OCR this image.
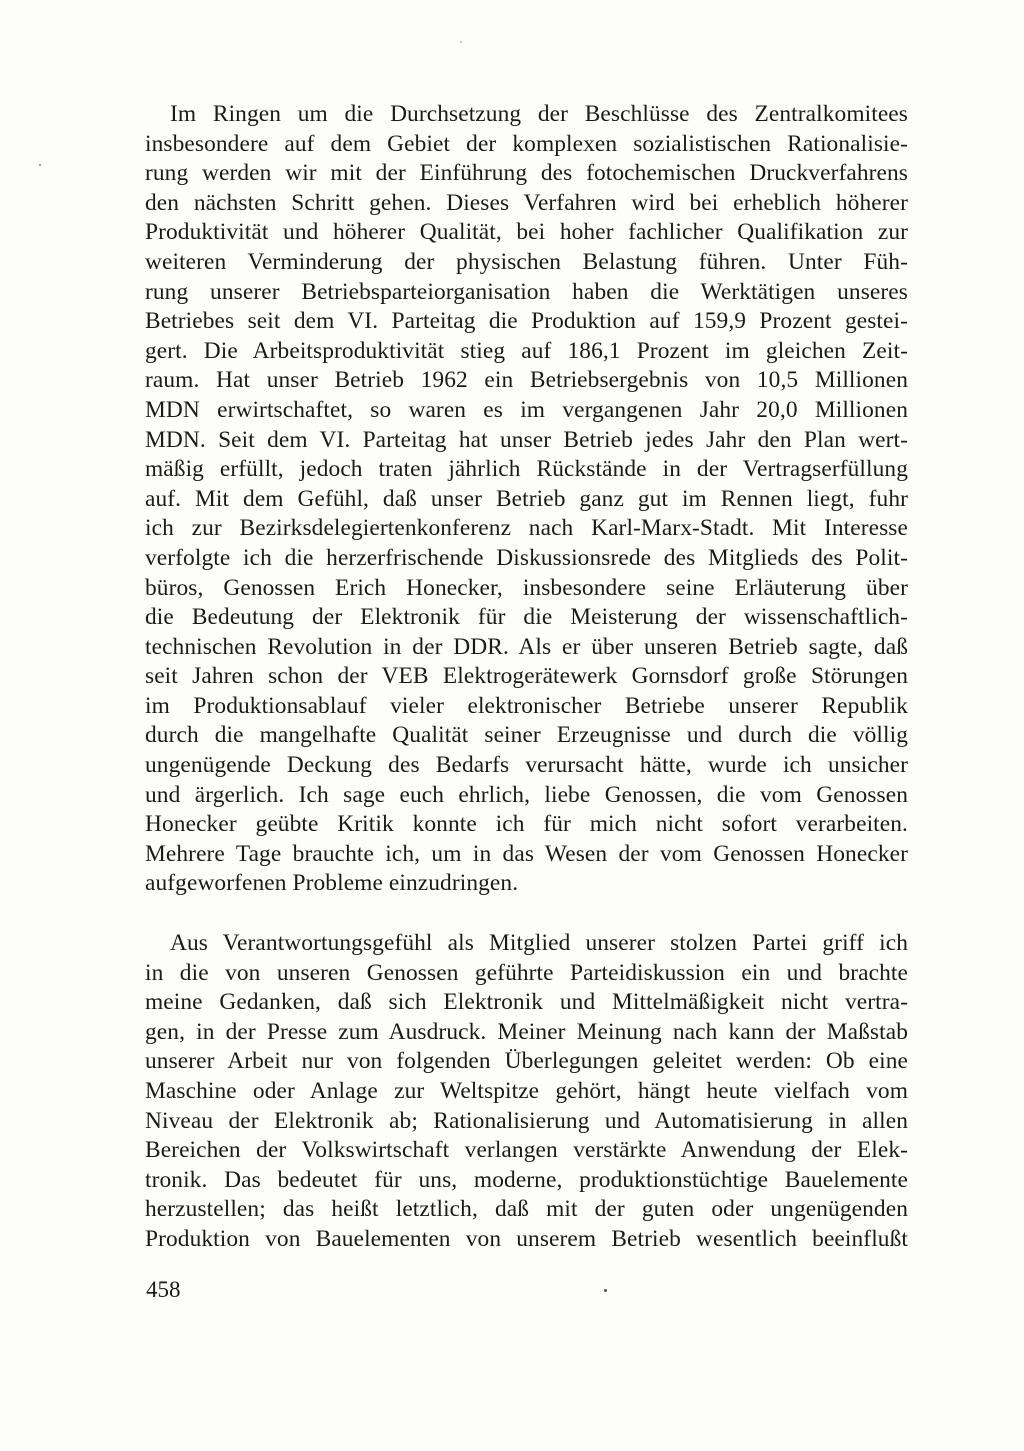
Im Ringen um die Durchsetzung der Beschlüsse des Zentralkomitees
insbesondere auf dem Gebiet der komplexen sozialistischen Rationalisie-
rung werden wir mit der Einführung des fotochemischen Druckverfahrens
den nächsten Schritt gehen. Dieses Verfahren wird bei erheblich höherer
Produktivität und höherer Qualität, bei hoher fachlicher Qualifikation zur
weiteren Verminderung der physischen Belastung führen. Unter Füh-
rung unserer Betriebsparteiorganisation haben die Werktätigen unseres
Betriebes seit dem VI. Parteitag die Produktion auf 159,9 Prozent gestei-
gert. Die Arbeitsproduktivität stieg auf 186,1 Prozent im gleichen Zeit-
raum. Hat unser Betrieb 1962 ein Betriebsergebnis von 10,5 Millionen
MDN erwirtschaftet, so waren es im vergangenen Jahr 20,0 Millionen
MDN. Seit dem VI. Parteitag hat unser Betrieb jedes Jahr den Plan wert-
mäßig erfüllt, jedoch traten jährlich Rückstände in der Vertragserfüllung
auf. Mit dem Gefühl, daß unser Betrieb ganz gut im Rennen liegt, fuhr
ich zur Bezirksdelegiertenkonferenz nach Karl-Marx-Stadt. Mit Interesse
verfolgte ich die herzerfrischende Diskussionsrede des Mitglieds des Polit-
büros, Genossen Erich Honecker, insbesondere seine Erläuterung über
die Bedeutung der Elektronik für die Meisterung der wissenschaftlich-
technischen Revolution in der DDR. Als er über unseren Betrieb sagte, daß
seit Jahren schon der VEB Elektrogerätewerk Gornsdorf große Störungen
im Produktionsablauf vieler elektronischer Betriebe unserer Republik
durch die mangelhafte Qualität seiner Erzeugnisse und durch die völlig
ungenügende Deckung des Bedarfs verursacht hätte, wurde ich unsicher
und ärgerlich. Ich sage euch ehrlich, liebe Genossen, die vom Genossen
Honecker geübte Kritik konnte ich für mich nicht sofort verarbeiten.
Mehrere Tage brauchte ich, um in das Wesen der vom Genossen Honecker
aufgeworfenen Probleme einzudringen.
Aus Verantwortungsgefühl als Mitglied unserer stolzen Partei griff ich
in die von unseren Genossen geführte Parteidiskussion ein und brachte
meine Gedanken, daß sich Elektronik und Mittelmäßigkeit nicht vertra-
gen, in der Presse zum Ausdruck. Meiner Meinung nach kann der Maßstab
unserer Arbeit nur von folgenden Überlegungen geleitet werden: Ob eine
Maschine oder Anlage zur Weltspitze gehört, hängt heute vielfach vom
Niveau der Elektronik ab; Rationalisierung und Automatisierung in allen
Bereichen der Volkswirtschaft verlangen verstärkte Anwendung der Elek-
tronik. Das bedeutet für uns, moderne, produktionstüchtige Bauelemente
herzustellen; das heißt letztlich, daß mit der guten oder ungenügenden
Produktion von Bauelementen von unserem Betrieb wesentlich beeinflußt
458
